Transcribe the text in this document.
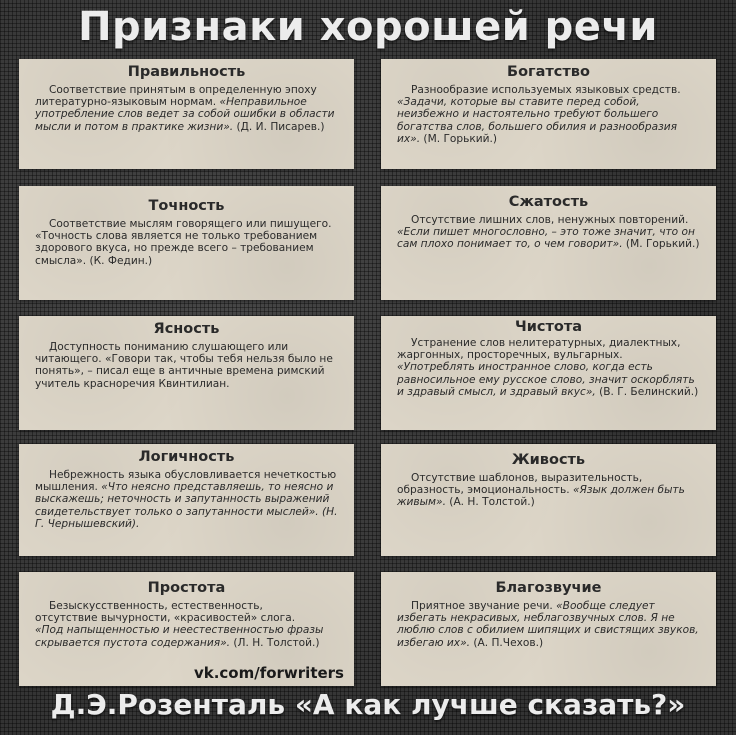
Признаки хорошей речи
Правильность
Соответствие принятым в определенную эпоху литературно-языковым нормам. «Неправильное употребление слов ведет за собой ошибки в области мысли и потом в практике жизни». (Д. И. Писарев.)
Точность
Соответствие мыслям говорящего или пишущего. «Точность слова является не только требованием здорового вкуса, но прежде всего – требованием смысла». (К. Федин.)
Ясность
Доступность пониманию слушающего или читающего. «Говори так, чтобы тебя нельзя было не понять», – писал еще в античные времена римский учитель красноречия Квинтилиан.
Логичность
Небрежность языка обусловливается нечеткостью мышления. «Что неясно представляешь, то неясно и выскажешь; неточность и запутанность выражений свидетельствует только о запутанности мыслей». (Н. Г. Чернышевский).
Простота
Безыскусственность, естественность, отсутствие вычурности, «красивостей» слога. «Под напыщенностью и неестественностью фразы скрывается пустота содержания». (Л. Н. Толстой.)
vk.com/forwriters
Богатство
Разнообразие используемых языковых средств. «Задачи, которые вы ставите перед собой, неизбежно и настоятельно требуют большего богатства слов, большего обилия и разнообразия их». (М. Горький.)
Сжатость
Отсутствие лишних слов, ненужных повторений. «Если пишет многословно, – это тоже значит, что он сам плохо понимает то, о чем говорит». (М. Горький.)
Чистота
Устранение слов нелитературных, диалектных, жаргонных, просторечных, вульгарных. «Употреблять иностранное слово, когда есть равносильное ему русское слово, значит оскорблять и здравый смысл, и здравый вкус», (В. Г. Белинский.)
Живость
Отсутствие шаблонов, выразительность, образность, эмоциональность. «Язык должен быть живым». (А. Н. Толстой.)
Благозвучие
Приятное звучание речи. «Вообще следует избегать некрасивых, неблагозвучных слов. Я не люблю слов с обилием шипящих и свистящих звуков, избегаю их». (А. П.Чехов.)
Д.Э.Розенталь «А как лучше сказать?»
